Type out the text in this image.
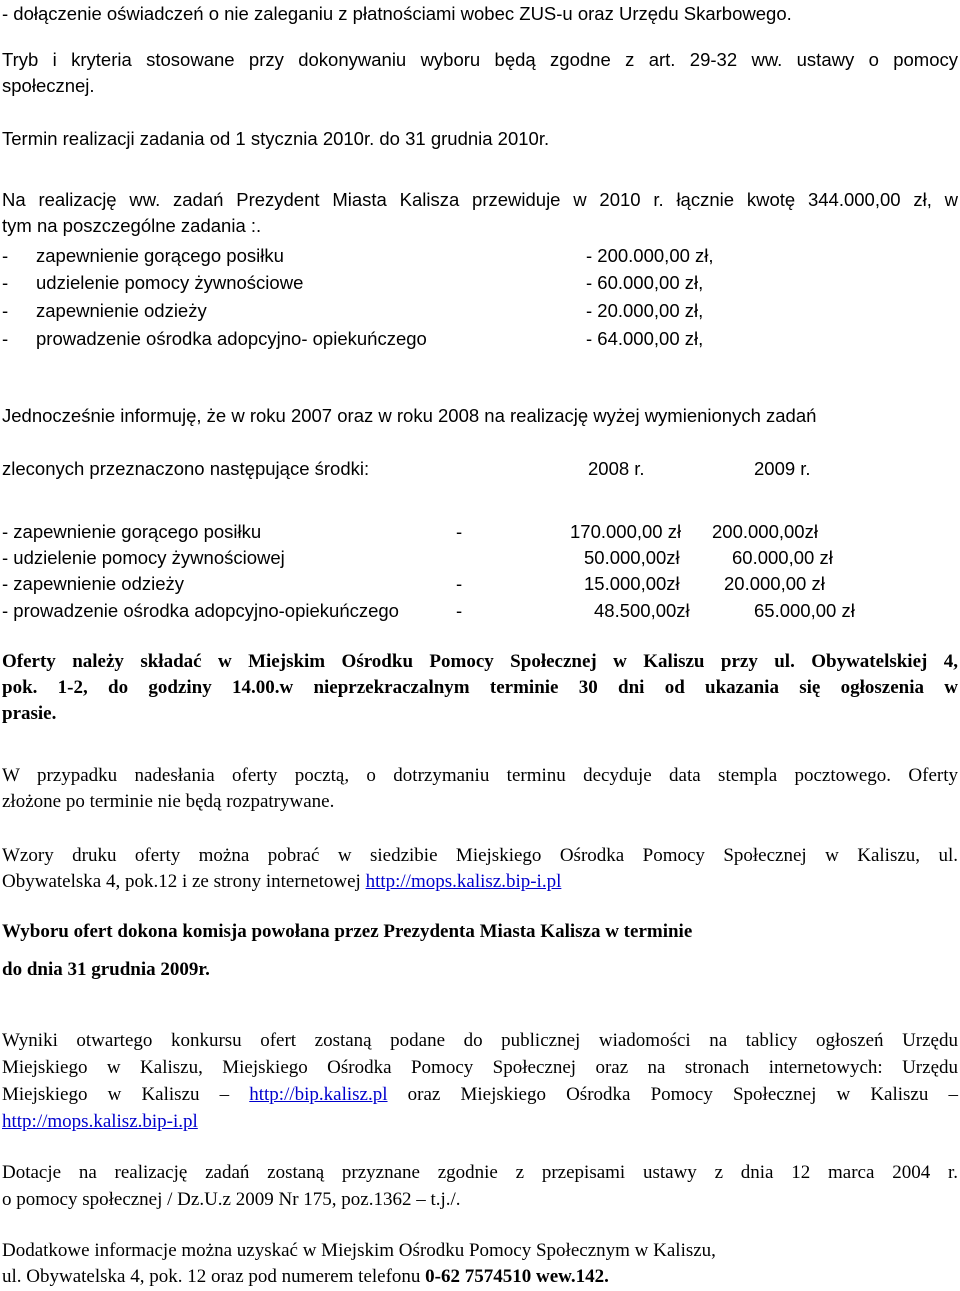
- dołączenie oświadczeń o nie zaleganiu z płatnościami wobec ZUS-u oraz Urzędu Skarbowego.
Tryb i kryteria stosowane przy dokonywaniu wyboru będą zgodne z art. 29-32 ww. ustawy o pomocy
społecznej.
Termin realizacji zadania od 1 stycznia 2010r. do 31 grudnia 2010r.
Na realizację ww. zadań Prezydent Miasta Kalisza przewiduje w 2010 r. łącznie kwotę 344.000,00 zł, w
tym na poszczególne zadania :.
- zapewnienie gorącego posiłku	- 200.000,00 zł,
- udzielenie pomocy żywnościowe	- 60.000,00 zł,
- zapewnienie odzieży	- 20.000,00 zł,
- prowadzenie ośrodka adopcyjno- opiekuńczego	- 64.000,00 zł,
Jednocześnie informuję, że w roku 2007 oraz w roku 2008 na realizację wyżej wymienionych zadań
zleconych przeznaczono następujące środki:	2008 r.	2009 r.
- zapewnienie gorącego posiłku	-	170.000,00 zł 200.000,00zł
- udzielenie pomocy żywnościowej	50.000,00zł	60.000,00 zł
- zapewnienie odzieży	-	15.000,00zł 20.000,00 zł
- prowadzenie ośrodka adopcyjno-opiekuńczego	-	48.500,00zł	65.000,00 zł
Oferty należy składać w Miejskim Ośrodku Pomocy Społecznej w Kaliszu przy ul. Obywatelskiej 4,
pok. 1-2, do godziny 14.00.w nieprzekraczalnym terminie 30 dni od ukazania się ogłoszenia w
prasie.
W przypadku nadesłania oferty pocztą, o dotrzymaniu terminu decyduje data stempla pocztowego. Oferty
złożone po terminie nie będą rozpatrywane.
Wzory druku oferty można pobrać w siedzibie Miejskiego Ośrodka Pomocy Społecznej w Kaliszu, ul.
Obywatelska 4, pok.12 i ze strony internetowej http://mops.kalisz.bip-i.pl
Wyboru ofert dokona komisja powołana przez Prezydenta Miasta Kalisza w terminie
do dnia 31 grudnia 2009r.
Wyniki otwartego konkursu ofert zostaną podane do publicznej wiadomości na tablicy ogłoszeń Urzędu
Miejskiego w Kaliszu, Miejskiego Ośrodka Pomocy Społecznej oraz na stronach internetowych: Urzędu
Miejskiego w Kaliszu – http://bip.kalisz.pl oraz Miejskiego Ośrodka Pomocy Społecznej w Kaliszu –
http://mops.kalisz.bip-i.pl
Dotacje na realizację zadań zostaną przyznane zgodnie z przepisami ustawy z dnia 12 marca 2004 r.
o pomocy społecznej / Dz.U.z 2009 Nr 175, poz.1362 – t.j./.
Dodatkowe informacje można uzyskać w Miejskim Ośrodku Pomocy Społecznym w Kaliszu,
ul. Obywatelska 4, pok. 12 oraz pod numerem telefonu 0-62 7574510 wew.142.
